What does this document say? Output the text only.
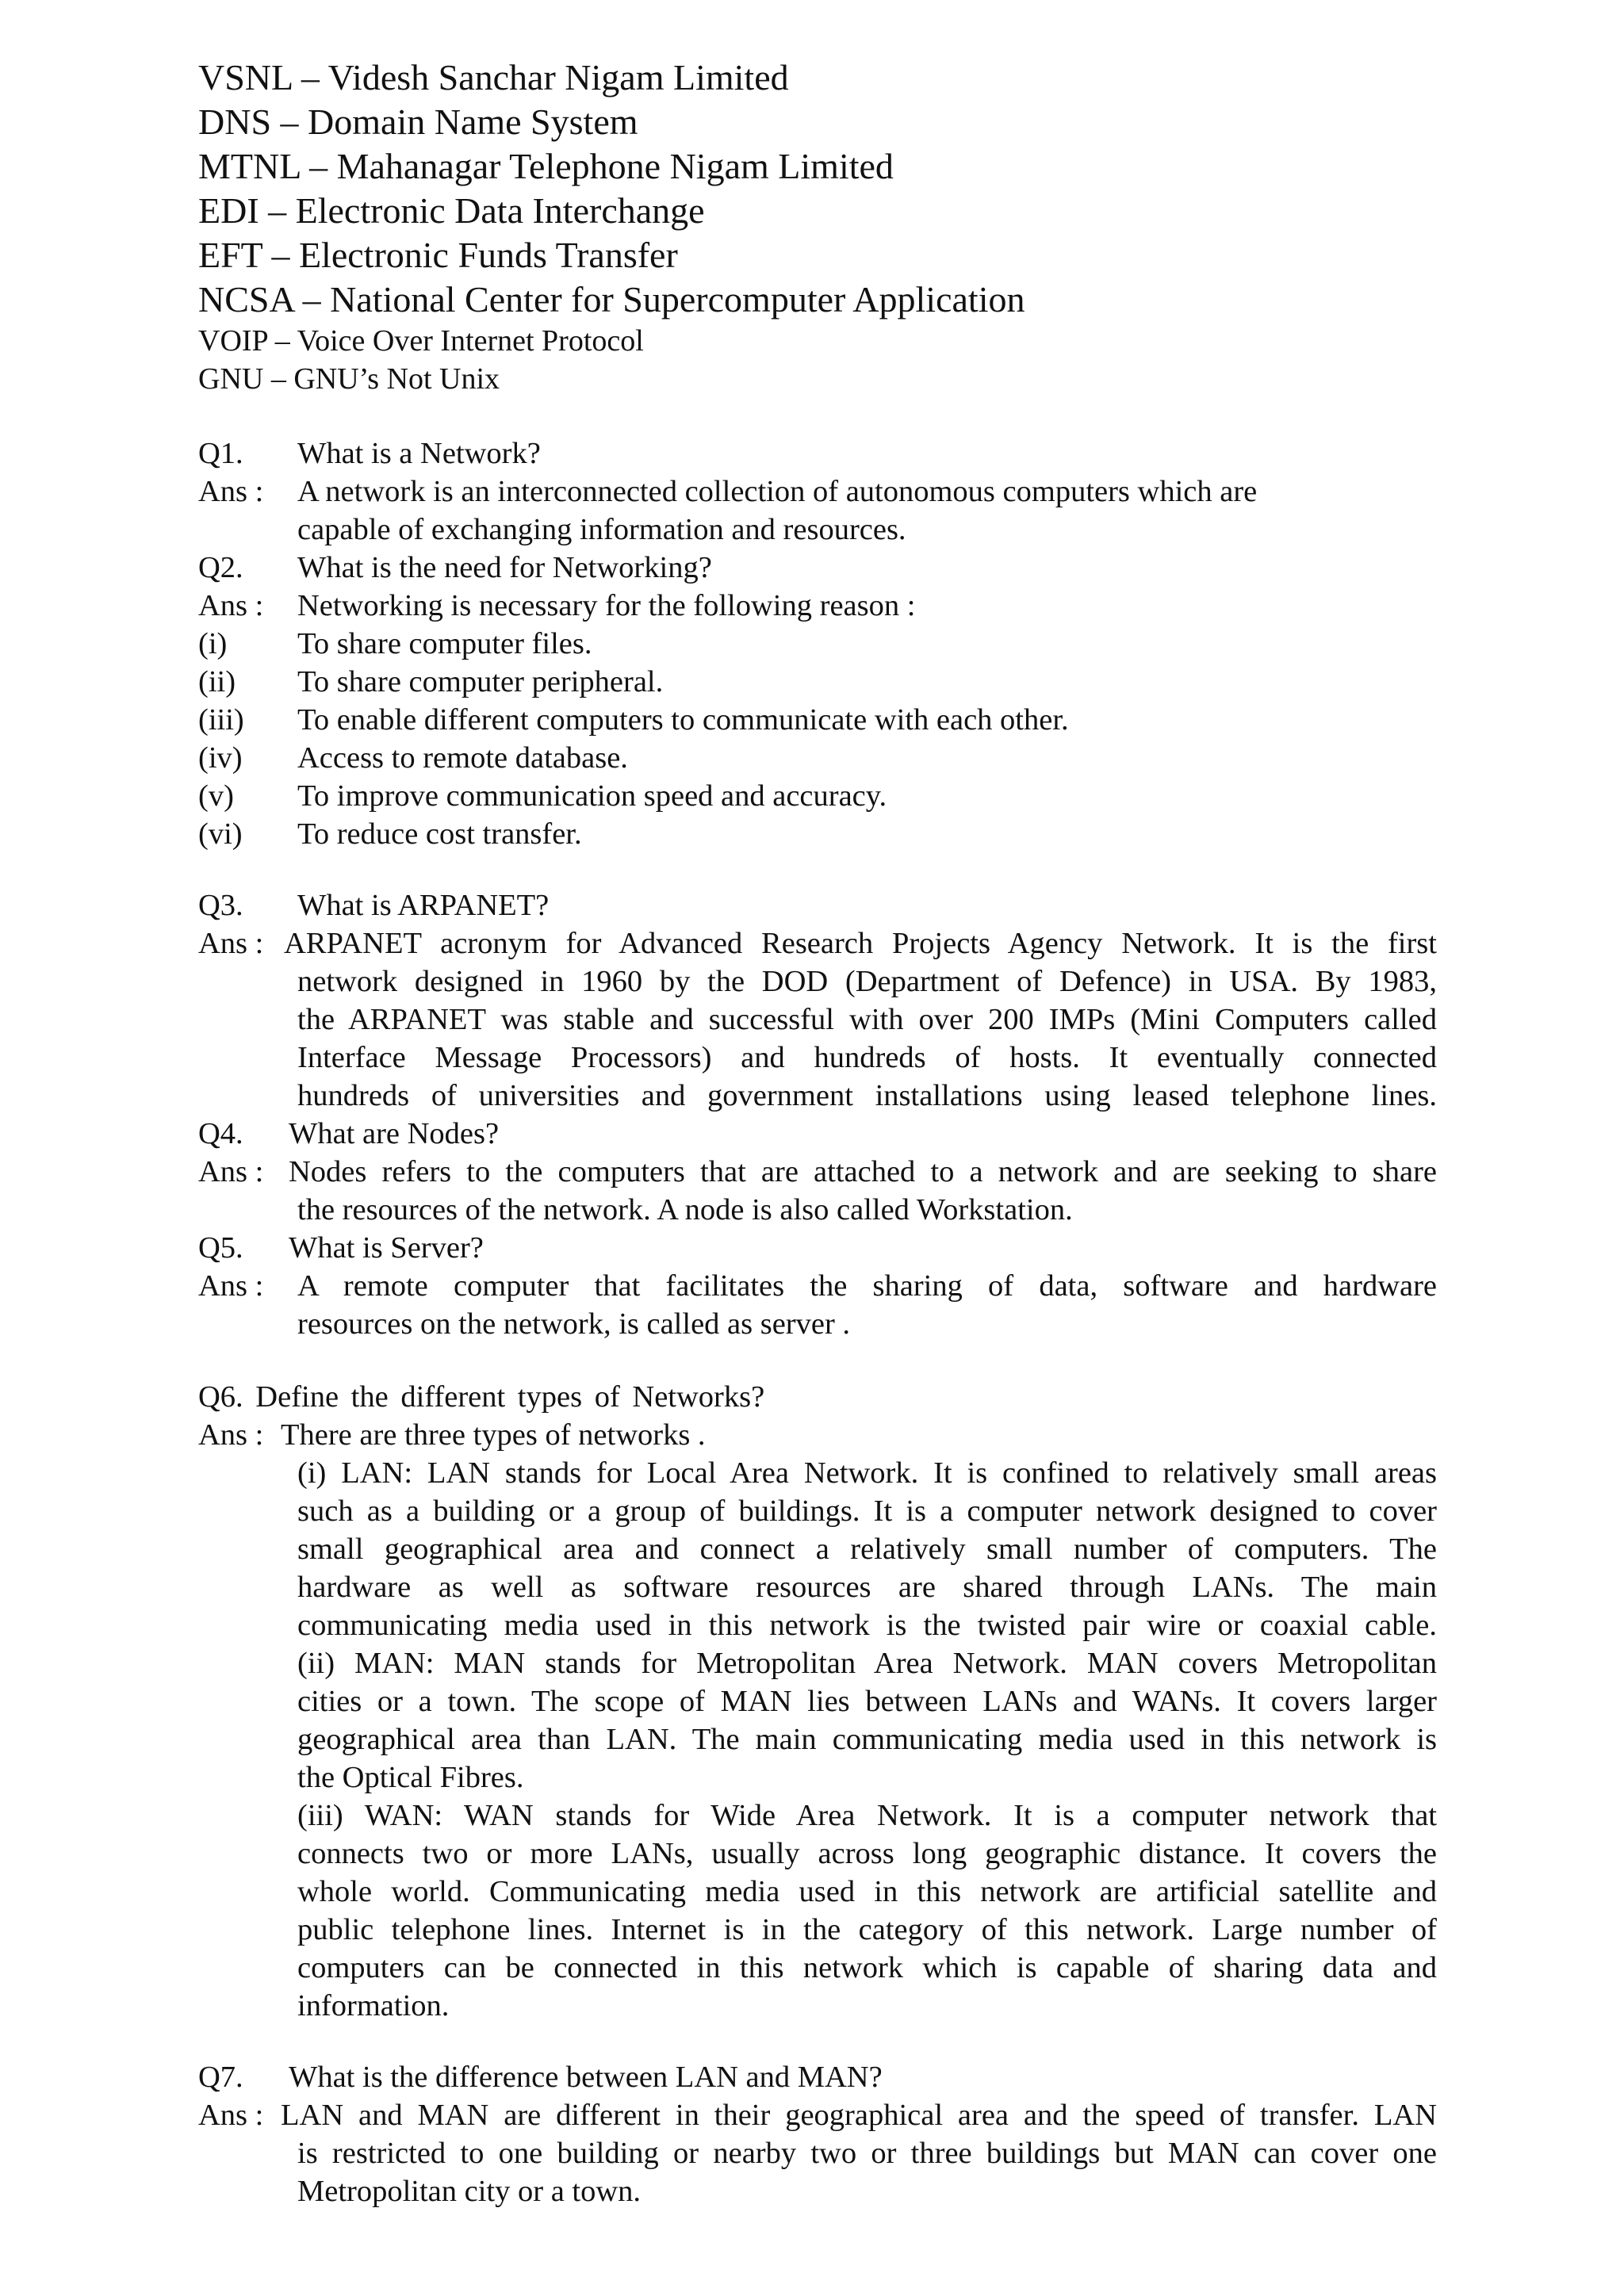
VSNL – Videsh Sanchar Nigam Limited
DNS – Domain Name System
MTNL – Mahanagar Telephone Nigam Limited
EDI – Electronic Data Interchange
EFT – Electronic Funds Transfer
NCSA – National Center for Supercomputer Application
VOIP – Voice Over Internet Protocol
GNU – GNU’s Not Unix
Q1. What is a Network?
Ans : A network is an interconnected collection of autonomous computers which are
capable of exchanging information and resources.
Q2. What is the need for Networking?
Ans : Networking is necessary for the following reason :
(i) To share computer files.
(ii) To share computer peripheral.
(iii) To enable different computers to communicate with each other.
(iv) Access to remote database.
(v) To improve communication speed and accuracy.
(vi) To reduce cost transfer.
Q3. What is ARPANET?
Ans : ARPANET acronym for Advanced Research Projects Agency Network. It is the first
network designed in 1960 by the DOD (Department of Defence) in USA. By 1983,
the ARPANET was stable and successful with over 200 IMPs (Mini Computers called
Interface Message Processors) and hundreds of hosts. It eventually connected
hundreds of universities and government installations using leased telephone lines.
Q4. What are Nodes?
Ans : Nodes refers to the computers that are attached to a network and are seeking to share
the resources of the network. A node is also called Workstation.
Q5. What is Server?
Ans : A remote computer that facilitates the sharing of data, software and hardware
resources on the network, is called as server .
Q6. Define the different types of Networks?
Ans : There are three types of networks .
(i) LAN: LAN stands for Local Area Network. It is confined to relatively small areas
such as a building or a group of buildings. It is a computer network designed to cover
small geographical area and connect a relatively small number of computers. The
hardware as well as software resources are shared through LANs. The main
communicating media used in this network is the twisted pair wire or coaxial cable.
(ii) MAN: MAN stands for Metropolitan Area Network. MAN covers Metropolitan
cities or a town. The scope of MAN lies between LANs and WANs. It covers larger
geographical area than LAN. The main communicating media used in this network is
the Optical Fibres.
(iii) WAN: WAN stands for Wide Area Network. It is a computer network that
connects two or more LANs, usually across long geographic distance. It covers the
whole world. Communicating media used in this network are artificial satellite and
public telephone lines. Internet is in the category of this network. Large number of
computers can be connected in this network which is capable of sharing data and
information.
Q7. What is the difference between LAN and MAN?
Ans : LAN and MAN are different in their geographical area and the speed of transfer. LAN
is restricted to one building or nearby two or three buildings but MAN can cover one
Metropolitan city or a town.
